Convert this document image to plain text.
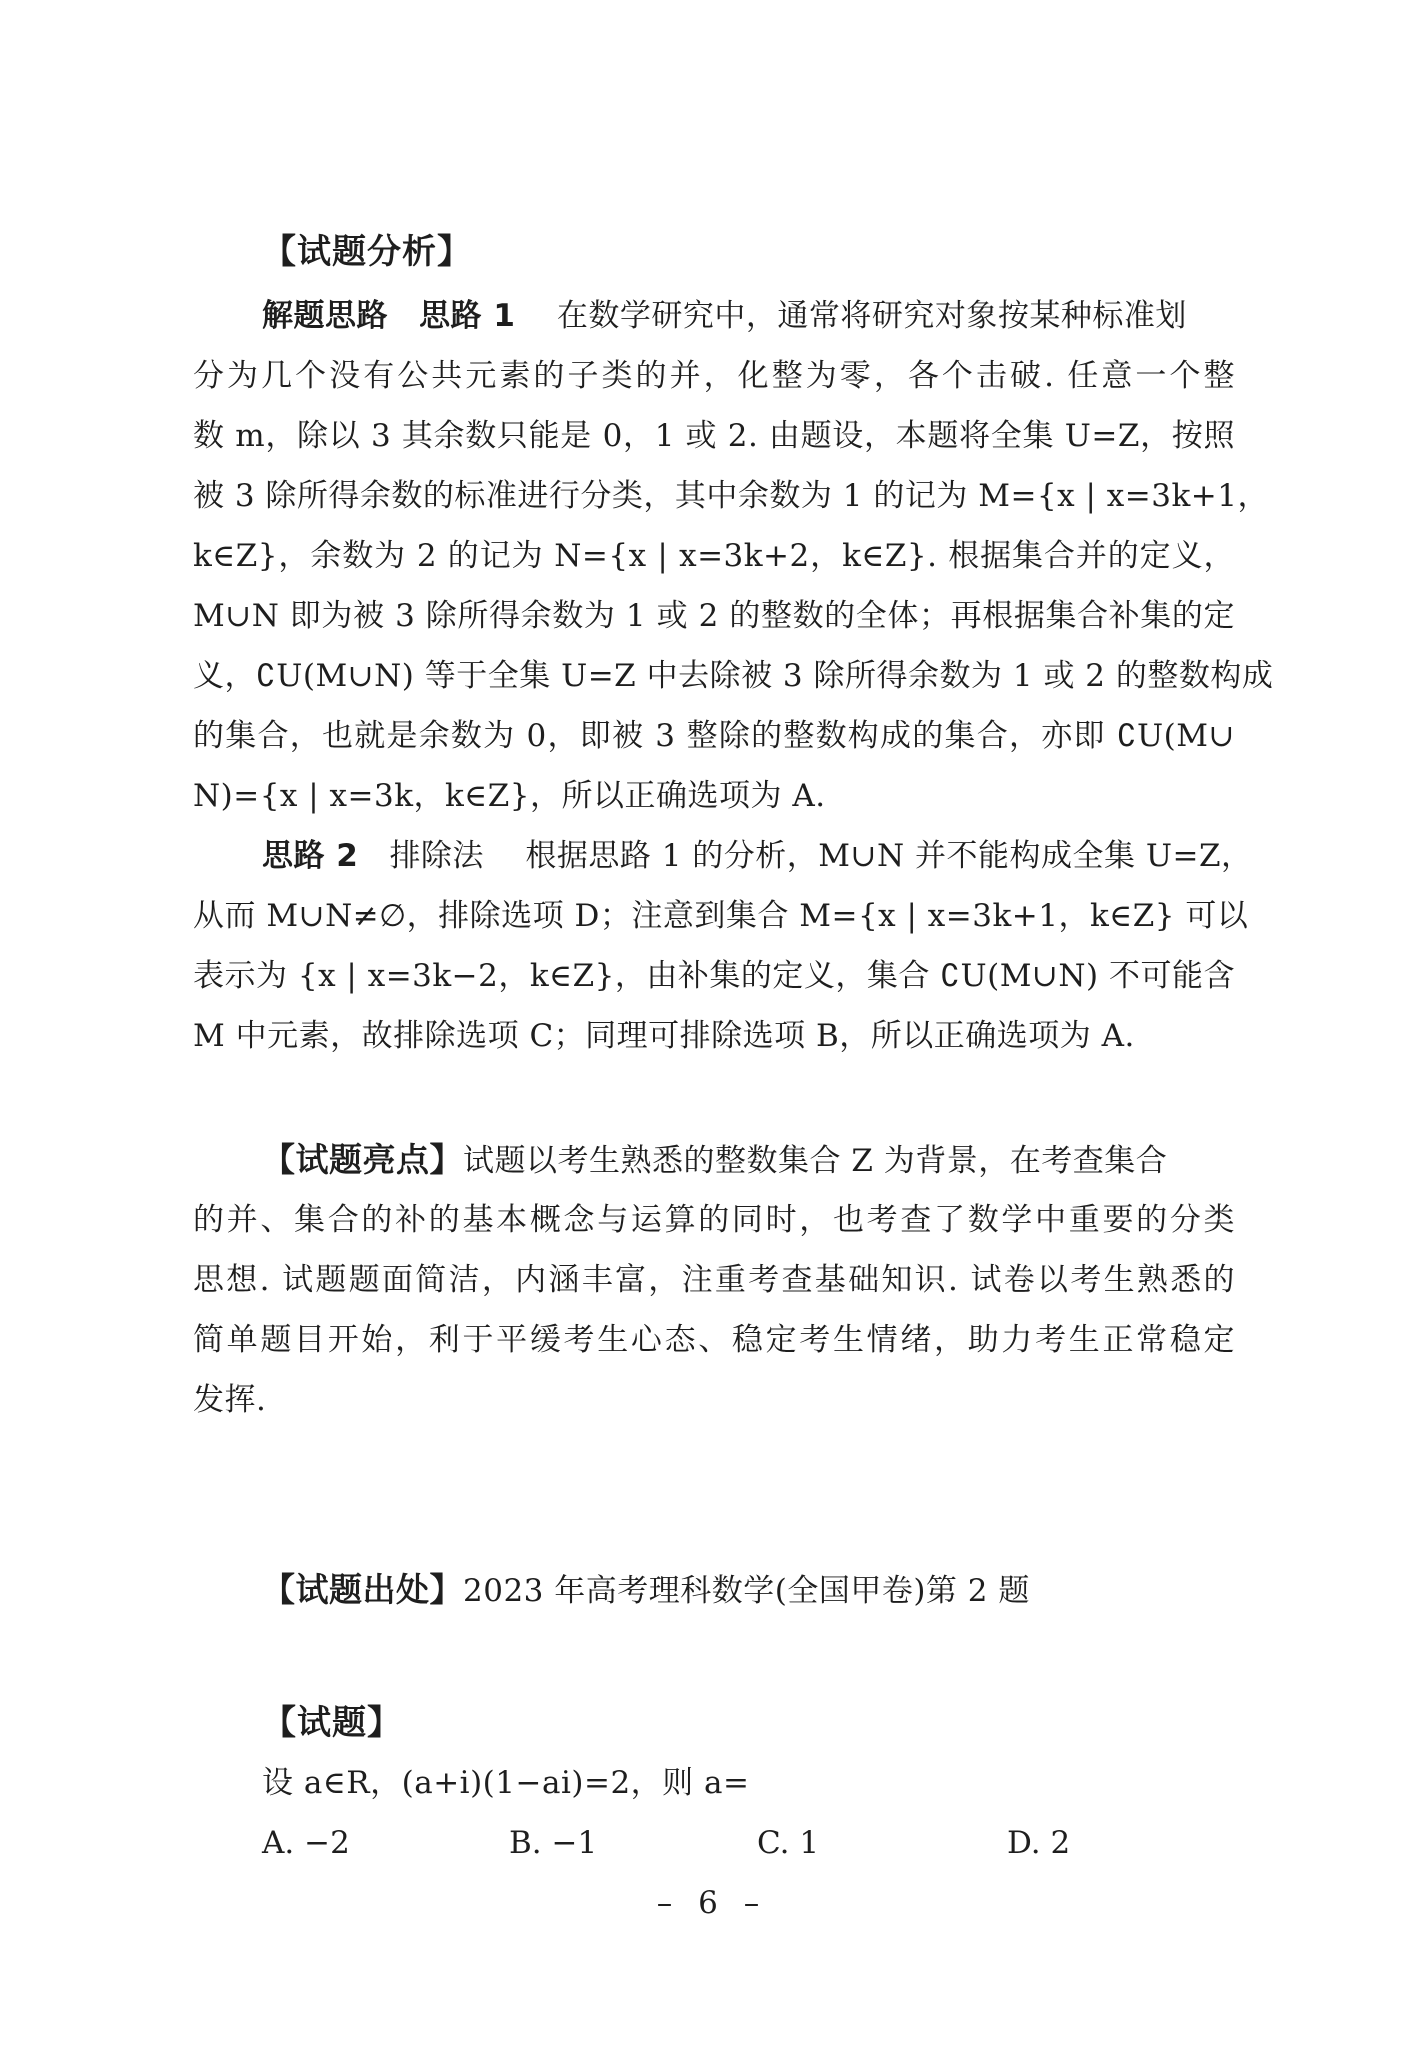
【试题分析】
解题思路 思路 1 在数学研究中，通常将研究对象按某种标准划
分为几个没有公共元素的子类的并，化整为零，各个击破. 任意一个整
数 m，除以 3 其余数只能是 0，1 或 2. 由题设，本题将全集 U=Z，按照
被 3 除所得余数的标准进行分类，其中余数为 1 的记为 M={x | x=3k+1，
k∈Z}，余数为 2 的记为 N={x | x=3k+2，k∈Z}. 根据集合并的定义，
M∪N 即为被 3 除所得余数为 1 或 2 的整数的全体；再根据集合补集的定
义，∁U(M∪N) 等于全集 U=Z 中去除被 3 除所得余数为 1 或 2 的整数构成
的集合，也就是余数为 0，即被 3 整除的整数构成的集合，亦即 ∁U(M∪
N)={x | x=3k，k∈Z}，所以正确选项为 A.
思路 2 排除法 根据思路 1 的分析，M∪N 并不能构成全集 U=Z，
从而 M∪N≠∅，排除选项 D；注意到集合 M={x | x=3k+1，k∈Z} 可以
表示为 {x | x=3k−2，k∈Z}，由补集的定义，集合 ∁U(M∪N) 不可能含
M 中元素，故排除选项 C；同理可排除选项 B，所以正确选项为 A.
【试题亮点】试题以考生熟悉的整数集合 Z 为背景，在考查集合
的并、集合的补的基本概念与运算的同时，也考查了数学中重要的分类
思想. 试题题面简洁，内涵丰富，注重考查基础知识. 试卷以考生熟悉的
简单题目开始，利于平缓考生心态、稳定考生情绪，助力考生正常稳定
发挥.
【试题出处】2023 年高考理科数学(全国甲卷)第 2 题
【试题】
设 a∈R，(a+i)(1−ai)=2，则 a=
A. −2	B. −1	C. 1	D. 2
– 6 –
